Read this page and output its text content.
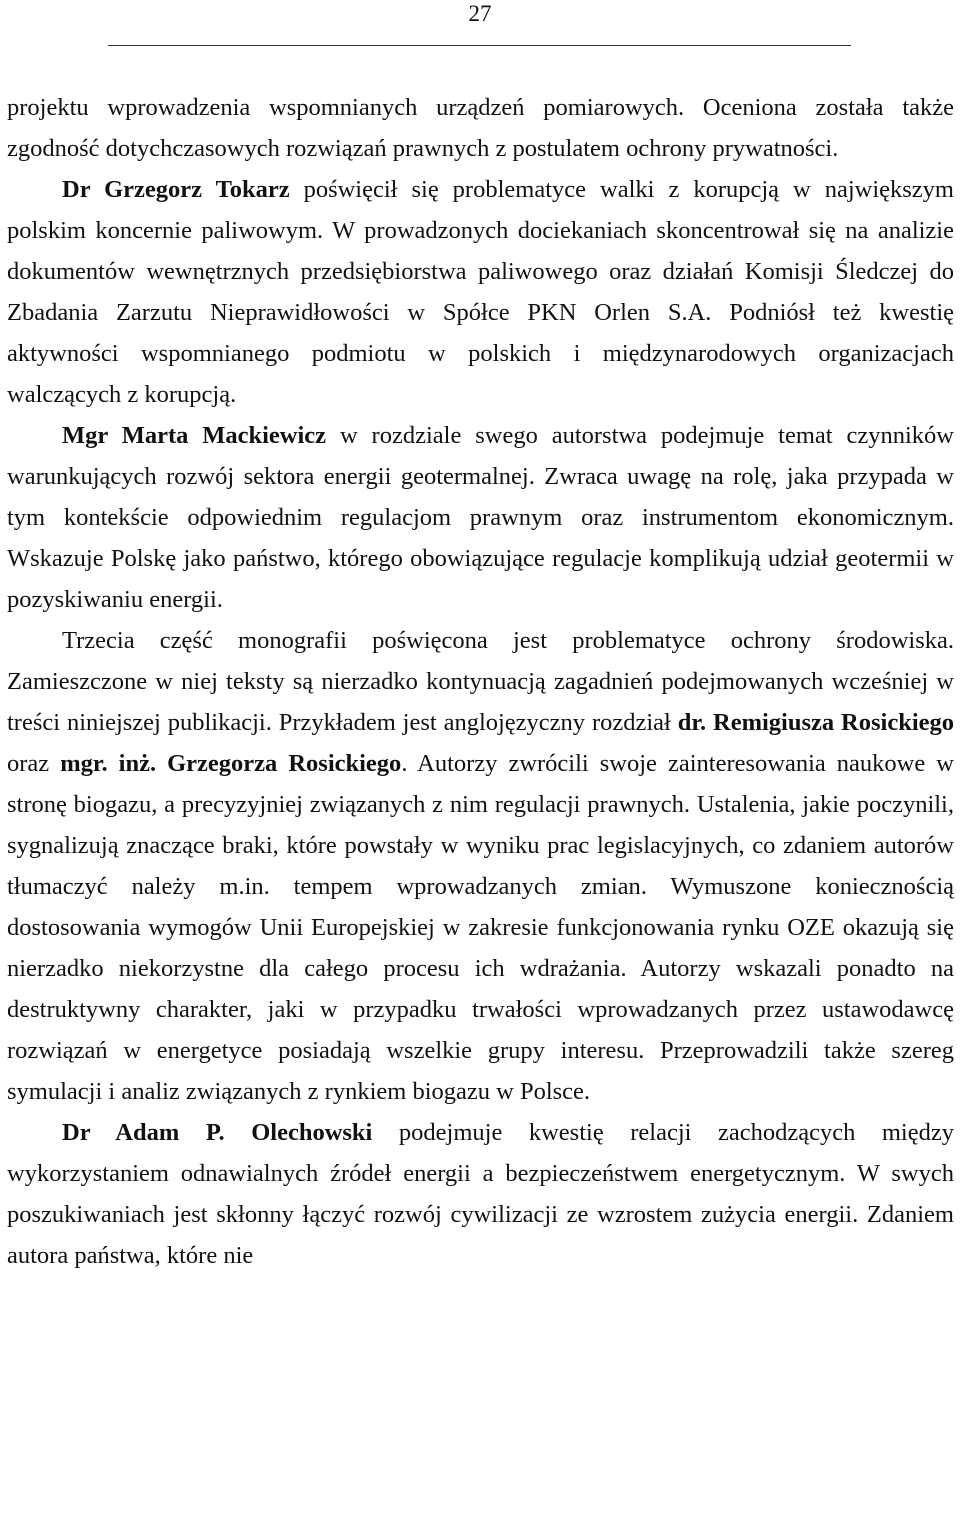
27

projektu wprowadzenia wspomnianych urządzeń pomiarowych. Oceniona została także zgodność dotychczasowych rozwiązań prawnych z postulatem ochrony prywatności.

Dr Grzegorz Tokarz poświęcił się problematyce walki z korupcją w największym polskim koncernie paliwowym. W prowadzonych dociekaniach skoncentrował się na analizie dokumentów wewnętrznych przedsiębiorstwa paliwowego oraz działań Komisji Śledczej do Zbadania Zarzutu Nieprawidłowości w Spółce PKN Orlen S.A. Podniósł też kwestię aktywności wspomnianego podmiotu w polskich i międzynarodowych organizacjach walczących z korupcją.

Mgr Marta Mackiewicz w rozdziale swego autorstwa podejmuje temat czynników warunkujących rozwój sektora energii geotermalnej. Zwraca uwagę na rolę, jaka przypada w tym kontekście odpowiednim regulacjom prawnym oraz instrumentom ekonomicznym. Wskazuje Polskę jako państwo, którego obowiązujące regulacje komplikują udział geotermii w pozyskiwaniu energii.

Trzecia część monografii poświęcona jest problematyce ochrony środowiska. Zamieszczone w niej teksty są nierzadko kontynuacją zagadnień podejmowanych wcześniej w treści niniejszej publikacji. Przykładem jest anglojęzyczny rozdział dr. Remigiusza Rosickiego oraz mgr. inż. Grzegorza Rosickiego. Autorzy zwrócili swoje zainteresowania naukowe w stronę biogazu, a precyzyjniej związanych z nim regulacji prawnych. Ustalenia, jakie poczynili, sygnalizują znaczące braki, które powstały w wyniku prac legislacyjnych, co zdaniem autorów tłumaczyć należy m.in. tempem wprowadzanych zmian. Wymuszone koniecznością dostosowania wymogów Unii Europejskiej w zakresie funkcjonowania rynku OZE okazują się nierzadko niekorzystne dla całego procesu ich wdrażania. Autorzy wskazali ponadto na destruktywny charakter, jaki w przypadku trwałości wprowadzanych przez ustawodawcę rozwiązań w energetyce posiadają wszelkie grupy interesu. Przeprowadzili także szereg symulacji i analiz związanych z rynkiem biogazu w Polsce.

Dr Adam P. Olechowski podejmuje kwestię relacji zachodzących między wykorzystaniem odnawialnych źródeł energii a bezpieczeństwem energetycznym. W swych poszukiwaniach jest skłonny łączyć rozwój cywilizacji ze wzrostem zużycia energii. Zdaniem autora państwa, które nie
